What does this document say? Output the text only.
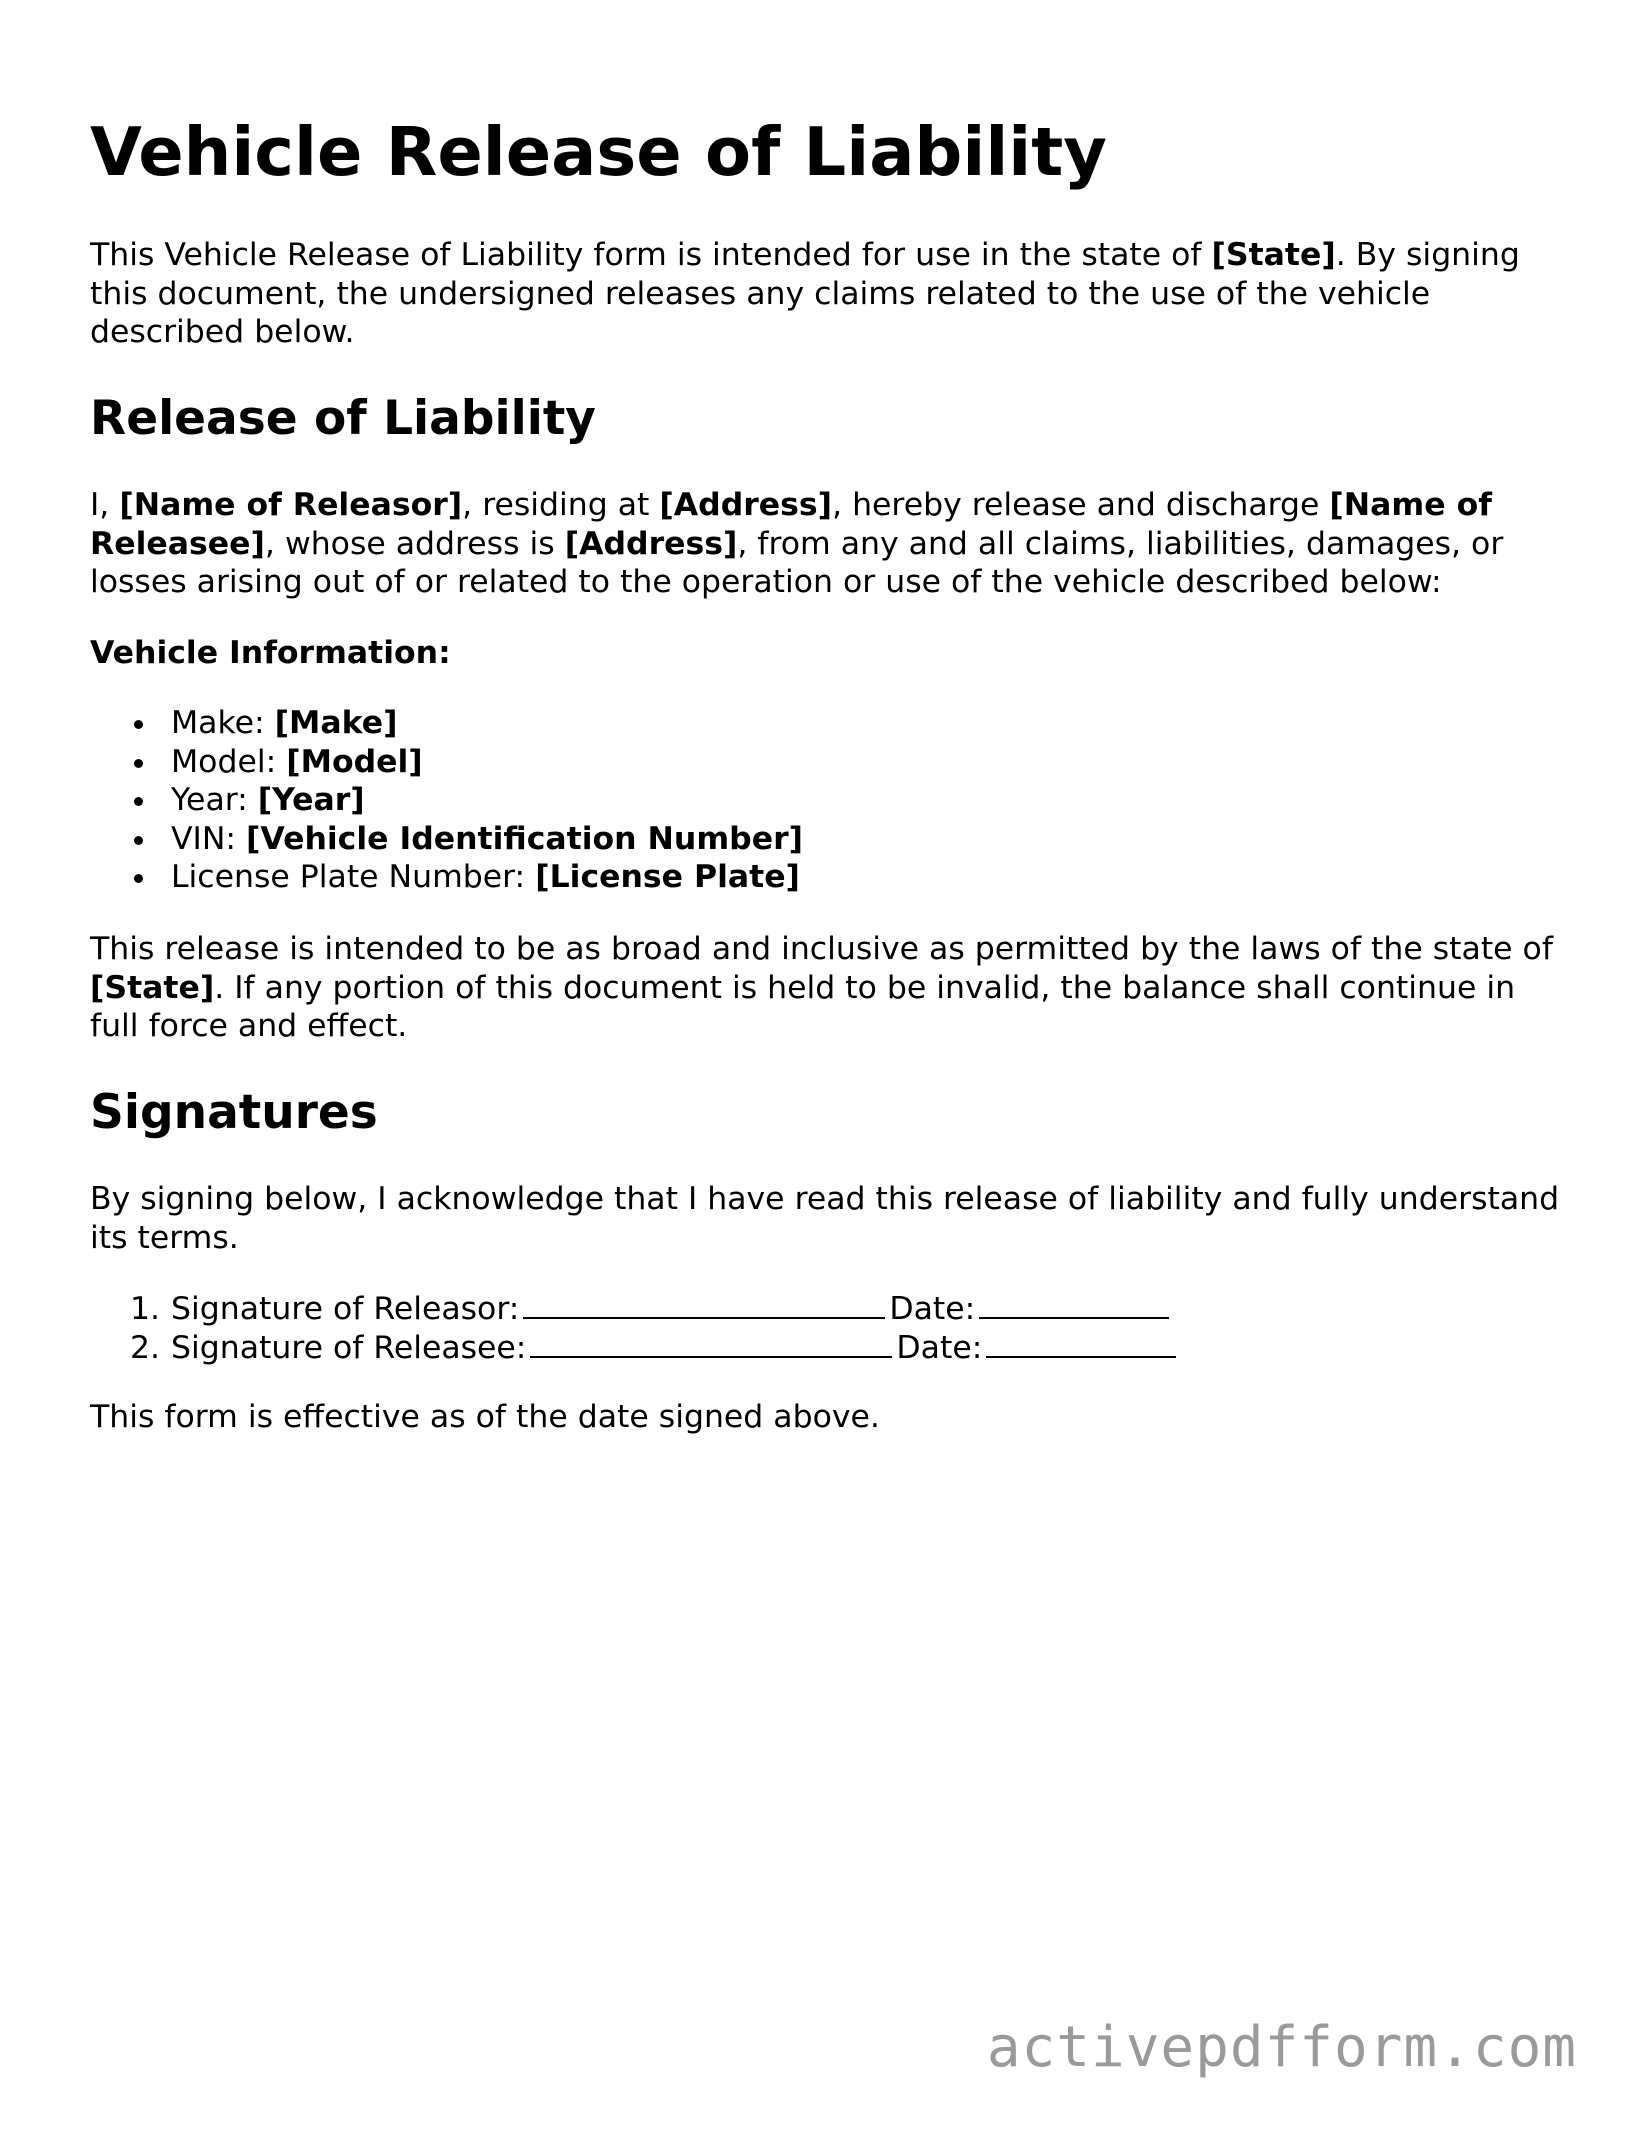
Vehicle Release of Liability

This Vehicle Release of Liability form is intended for use in the state of [State]. By signing this document, the undersigned releases any claims related to the use of the vehicle described below.

Release of Liability

I, [Name of Releasor], residing at [Address], hereby release and discharge [Name of Releasee], whose address is [Address], from any and all claims, liabilities, damages, or losses arising out of or related to the operation or use of the vehicle described below:

Vehicle Information:

Make: [Make]
Model: [Model]
Year: [Year]
VIN: [Vehicle Identification Number]
License Plate Number: [License Plate]

This release is intended to be as broad and inclusive as permitted by the laws of the state of [State]. If any portion of this document is held to be invalid, the balance shall continue in full force and effect.

Signatures

By signing below, I acknowledge that I have read this release of liability and fully understand its terms.

1. Signature of Releasor:	Date:
2. Signature of Releasee:	Date:

This form is effective as of the date signed above.

activepdfform.com
